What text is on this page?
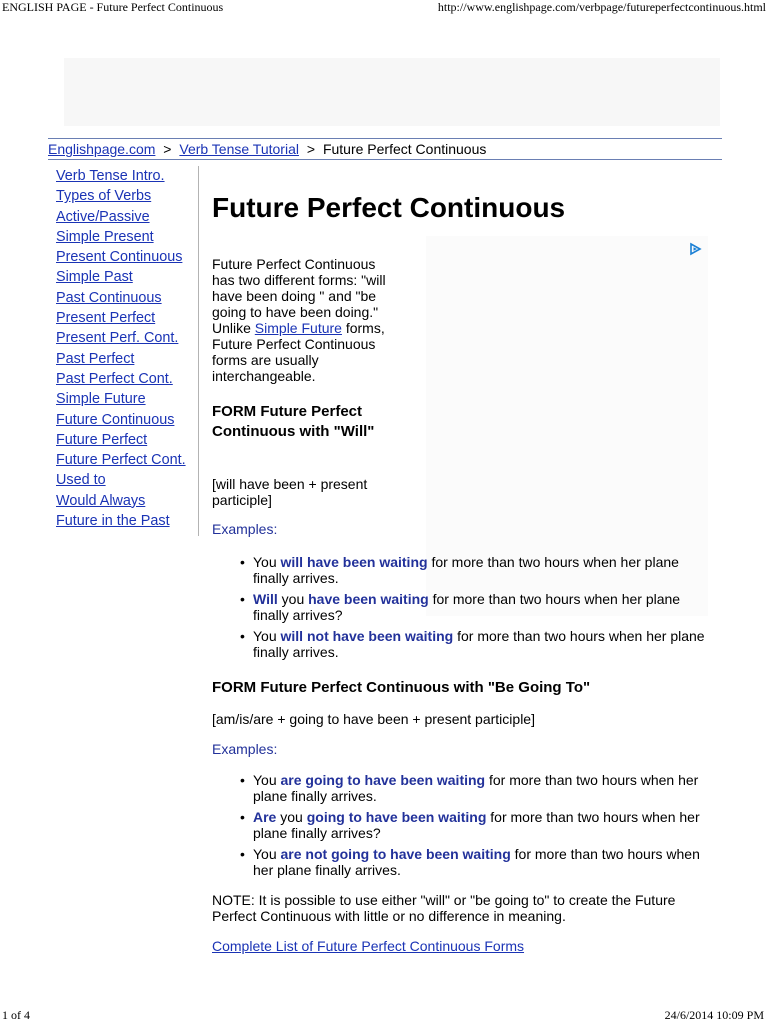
ENGLISH PAGE - Future Perfect Continuous	http://www.englishpage.com/verbpage/futureperfectcontinuous.html
Englishpage.com > Verb Tense Tutorial > Future Perfect Continuous
Verb Tense Intro.
Types of Verbs
Active/Passive
Simple Present
Present Continuous
Simple Past
Past Continuous
Present Perfect
Present Perf. Cont.
Past Perfect
Past Perfect Cont.
Simple Future
Future Continuous
Future Perfect
Future Perfect Cont.
Used to
Would Always
Future in the Past
Future Perfect Continuous

Future Perfect Continuous has two different forms: "will have been doing " and "be going to have been doing." Unlike Simple Future forms, Future Perfect Continuous forms are usually interchangeable.

FORM Future Perfect Continuous with "Will"

[will have been + present participle]

Examples:

• You will have been waiting for more than two hours when her plane finally arrives.
• Will you have been waiting for more than two hours when her plane finally arrives?
• You will not have been waiting for more than two hours when her plane finally arrives.
FORM Future Perfect Continuous with "Be Going To"

[am/is/are + going to have been + present participle]

Examples:

• You are going to have been waiting for more than two hours when her plane finally arrives.
• Are you going to have been waiting for more than two hours when her plane finally arrives?
• You are not going to have been waiting for more than two hours when her plane finally arrives.

NOTE: It is possible to use either "will" or "be going to" to create the Future Perfect Continuous with little or no difference in meaning.

Complete List of Future Perfect Continuous Forms

1 of 4	24/6/2014 10:09 PM
